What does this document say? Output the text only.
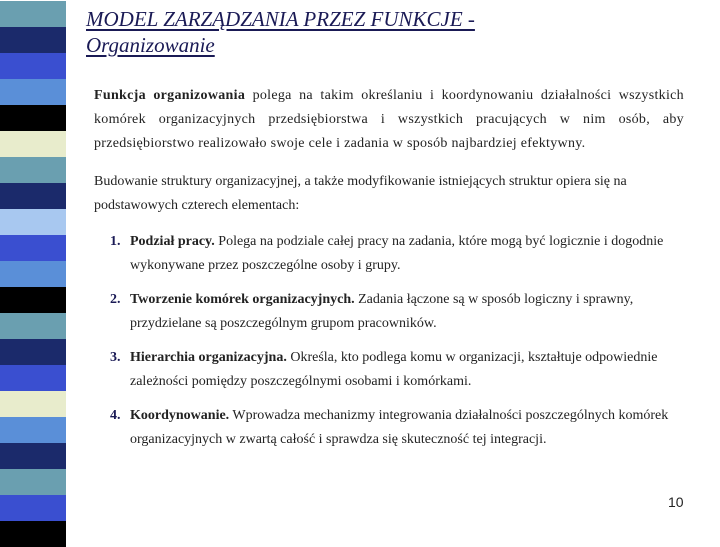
MODEL ZARZĄDZANIA PRZEZ FUNKCJE -
Organizowanie

Funkcja organizowania polega na takim określaniu i koordynowaniu działalności wszystkich komórek organizacyjnych przedsiębiorstwa i wszystkich pracujących w nim osób, aby przedsiębiorstwo realizowało swoje cele i zadania w sposób najbardziej efektywny.

Budowanie struktury organizacyjnej, a także modyfikowanie istniejących struktur opiera się na podstawowych czterech elementach:

1. Podział pracy. Polega na podziale całej pracy na zadania, które mogą być logicznie i dogodnie wykonywane przez poszczególne osoby i grupy.
2. Tworzenie komórek organizacyjnych. Zadania łączone są w sposób logiczny i sprawny, przydzielane są poszczególnym grupom pracowników.
3. Hierarchia organizacyjna. Określa, kto podlega komu w organizacji, kształtuje odpowiednie zależności pomiędzy poszczególnymi osobami i komórkami.
4. Koordynowanie. Wprowadza mechanizmy integrowania działalności poszczególnych komórek organizacyjnych w zwartą całość i sprawdza się skuteczność tej integracji.
10
